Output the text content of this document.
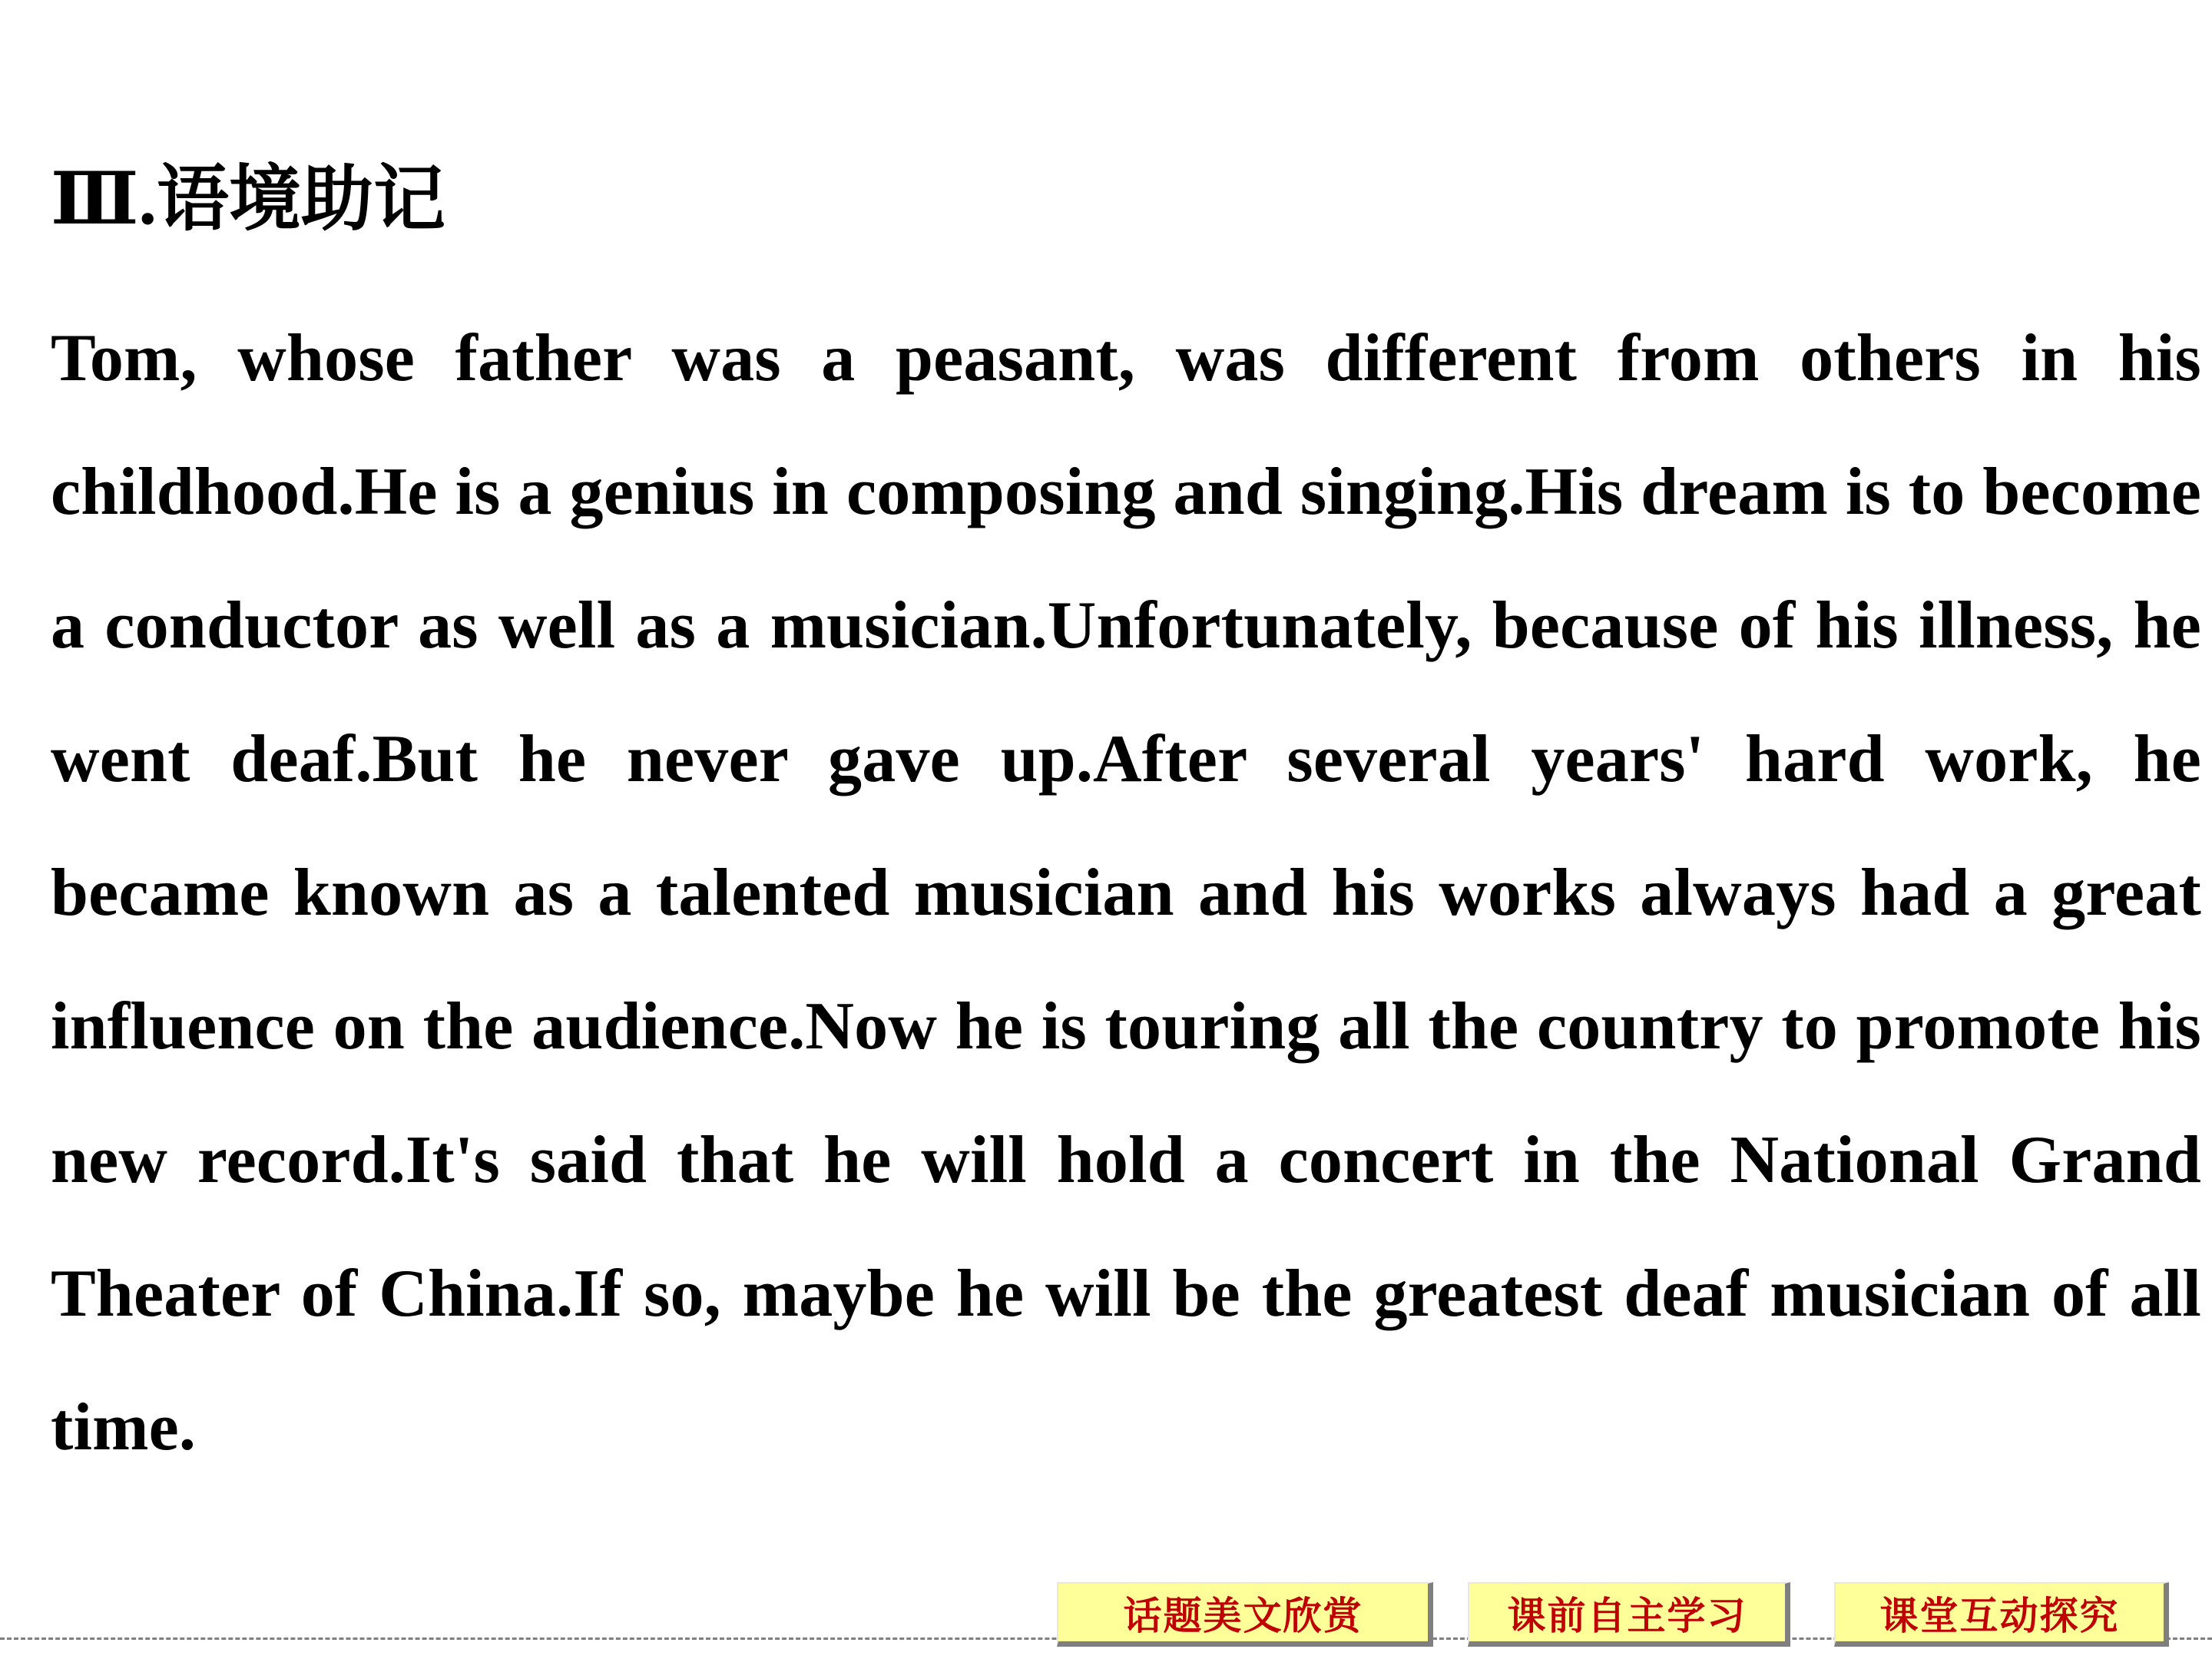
Ⅲ.语境助记
Tom, whose father was a peasant, was different from others in his childhood.He is a genius in composing and singing.His dream is to become a conductor as well as a musician.Unfortunately, because of his illness, he went deaf.But he never gave up.After several years' hard work, he became known as a talented musician and his works always had a great influence on the audience.Now he is touring all the country to promote his new record.It's said that he will hold a concert in the National Grand Theater of China.If so, maybe he will be the greatest deaf musician of all time.
话题美文欣赏	课前自主学习	课堂互动探究
